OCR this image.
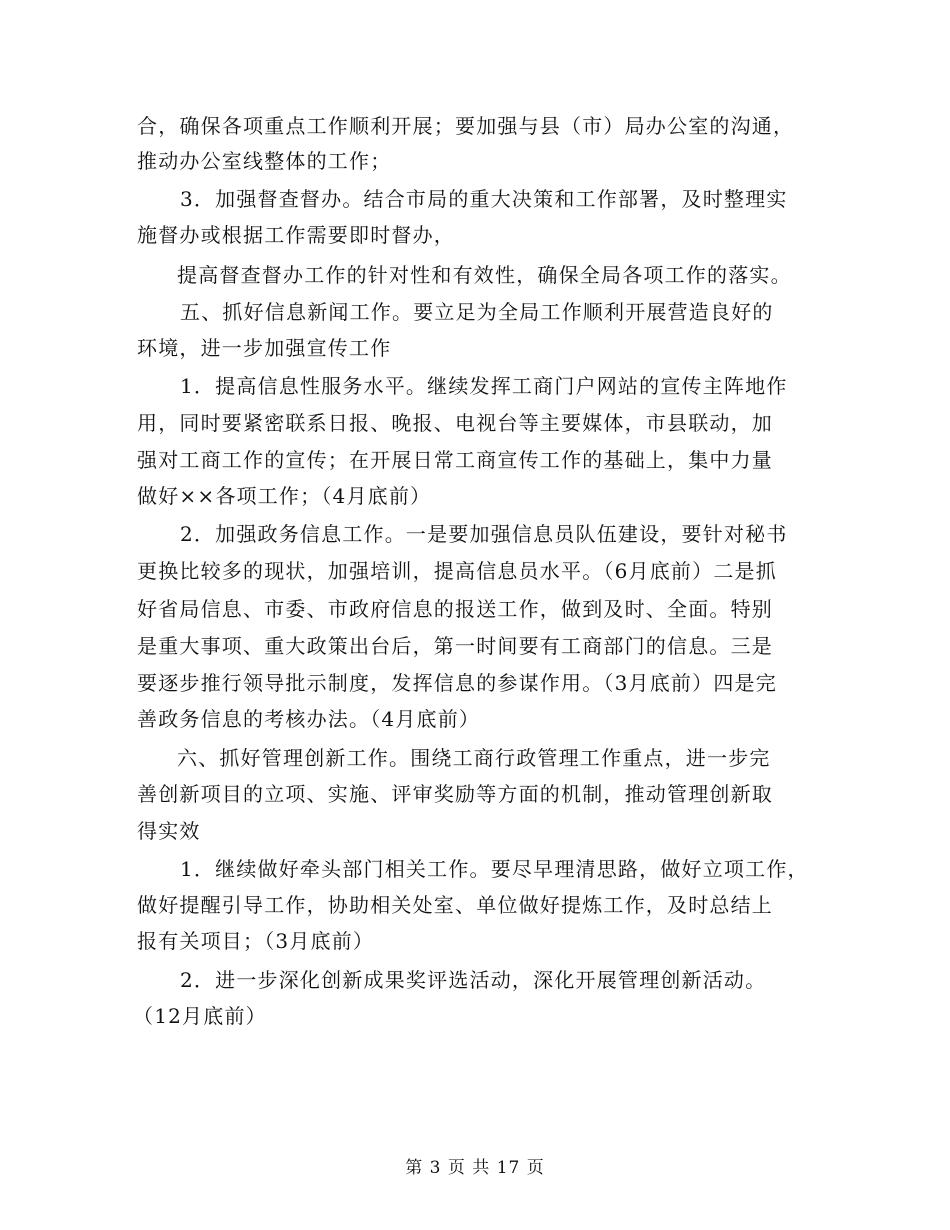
合，确保各项重点工作顺利开展；要加强与县（市）局办公室的沟通，
推动办公室线整体的工作；
3．加强督查督办。结合市局的重大决策和工作部署，及时整理实
施督办或根据工作需要即时督办，
提高督查督办工作的针对性和有效性，确保全局各项工作的落实。
五、抓好信息新闻工作。要立足为全局工作顺利开展营造良好的
环境，进一步加强宣传工作
1．提高信息性服务水平。继续发挥工商门户网站的宣传主阵地作
用，同时要紧密联系日报、晚报、电视台等主要媒体，市县联动，加
强对工商工作的宣传；在开展日常工商宣传工作的基础上，集中力量
做好××各项工作；（4月底前）
2．加强政务信息工作。一是要加强信息员队伍建设，要针对秘书
更换比较多的现状，加强培训，提高信息员水平。（6月底前）二是抓
好省局信息、市委、市政府信息的报送工作，做到及时、全面。特别
是重大事项、重大政策出台后，第一时间要有工商部门的信息。三是
要逐步推行领导批示制度，发挥信息的参谋作用。（3月底前）四是完
善政务信息的考核办法。（4月底前）
六、抓好管理创新工作。围绕工商行政管理工作重点，进一步完
善创新项目的立项、实施、评审奖励等方面的机制，推动管理创新取
得实效
1．继续做好牵头部门相关工作。要尽早理清思路，做好立项工作，
做好提醒引导工作，协助相关处室、单位做好提炼工作，及时总结上
报有关项目；（3月底前）
2．进一步深化创新成果奖评选活动，深化开展管理创新活动。
（12月底前）
第 3 页 共 17 页
